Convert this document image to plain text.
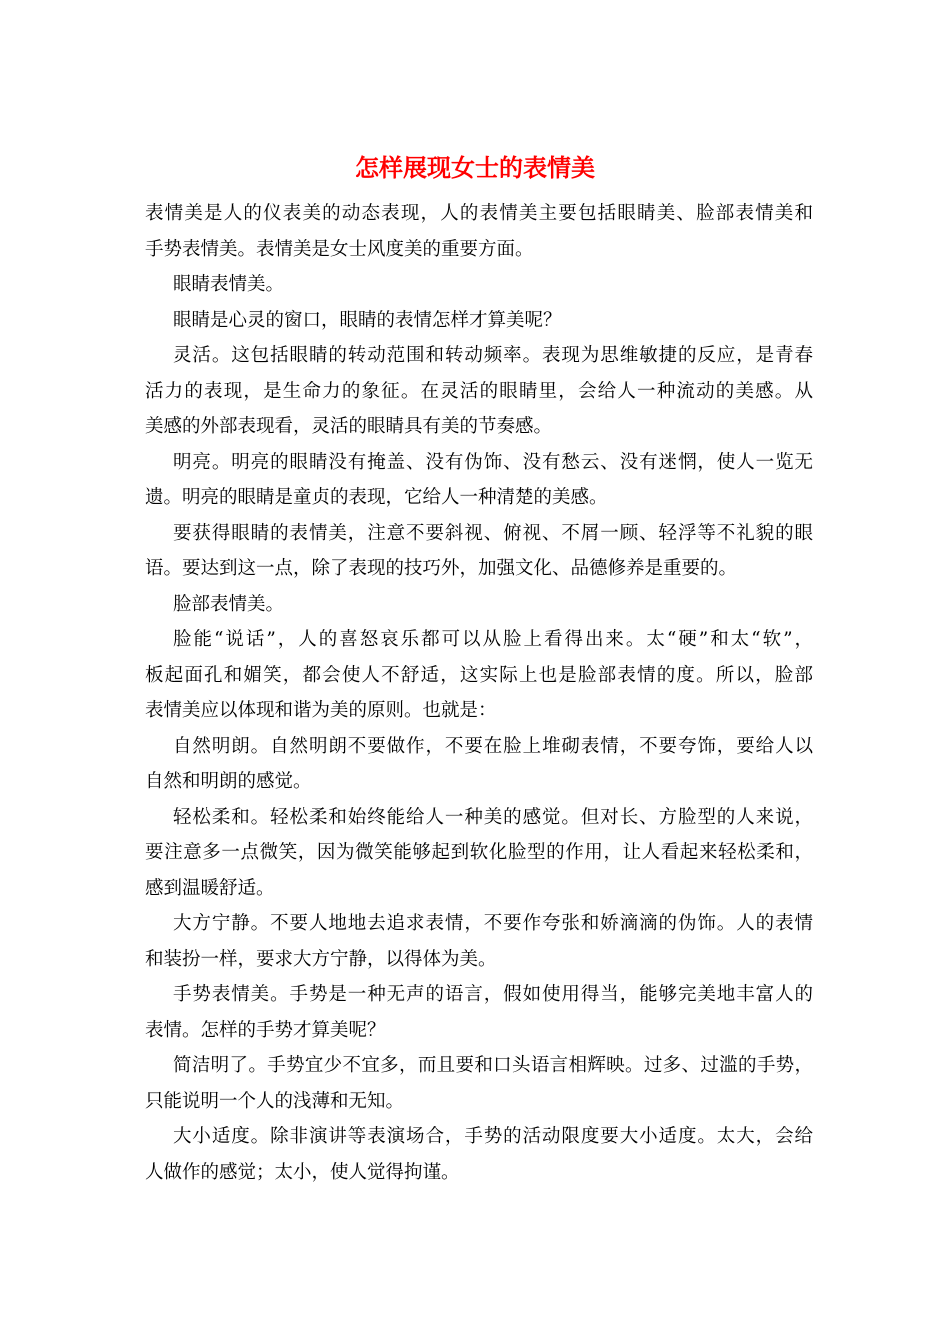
怎样展现女士的表情美
表情美是人的仪表美的动态表现，人的表情美主要包括眼睛美、脸部表情美和
手势表情美。表情美是女士风度美的重要方面。
眼睛表情美。
眼睛是心灵的窗口，眼睛的表情怎样才算美呢？
灵活。这包括眼睛的转动范围和转动频率。表现为思维敏捷的反应，是青春
活力的表现，是生命力的象征。在灵活的眼睛里，会给人一种流动的美感。从
美感的外部表现看，灵活的眼睛具有美的节奏感。
明亮。明亮的眼睛没有掩盖、没有伪饰、没有愁云、没有迷惘，使人一览无
遗。明亮的眼睛是童贞的表现，它给人一种清楚的美感。
要获得眼睛的表情美，注意不要斜视、俯视、不屑一顾、轻浮等不礼貌的眼
语。要达到这一点，除了表现的技巧外，加强文化、品德修养是重要的。
脸部表情美。
脸能“说话”，人的喜怒哀乐都可以从脸上看得出来。太“硬”和太“软”，
板起面孔和媚笑，都会使人不舒适，这实际上也是脸部表情的度。所以，脸部
表情美应以体现和谐为美的原则。也就是：
自然明朗。自然明朗不要做作，不要在脸上堆砌表情，不要夸饰，要给人以
自然和明朗的感觉。
轻松柔和。轻松柔和始终能给人一种美的感觉。但对长、方脸型的人来说，
要注意多一点微笑，因为微笑能够起到软化脸型的作用，让人看起来轻松柔和，
感到温暖舒适。
大方宁静。不要人地地去追求表情，不要作夸张和娇滴滴的伪饰。人的表情
和装扮一样，要求大方宁静，以得体为美。
手势表情美。手势是一种无声的语言，假如使用得当，能够完美地丰富人的
表情。怎样的手势才算美呢？
简洁明了。手势宜少不宜多，而且要和口头语言相辉映。过多、过滥的手势，
只能说明一个人的浅薄和无知。
大小适度。除非演讲等表演场合，手势的活动限度要大小适度。太大，会给
人做作的感觉；太小，使人觉得拘谨。
